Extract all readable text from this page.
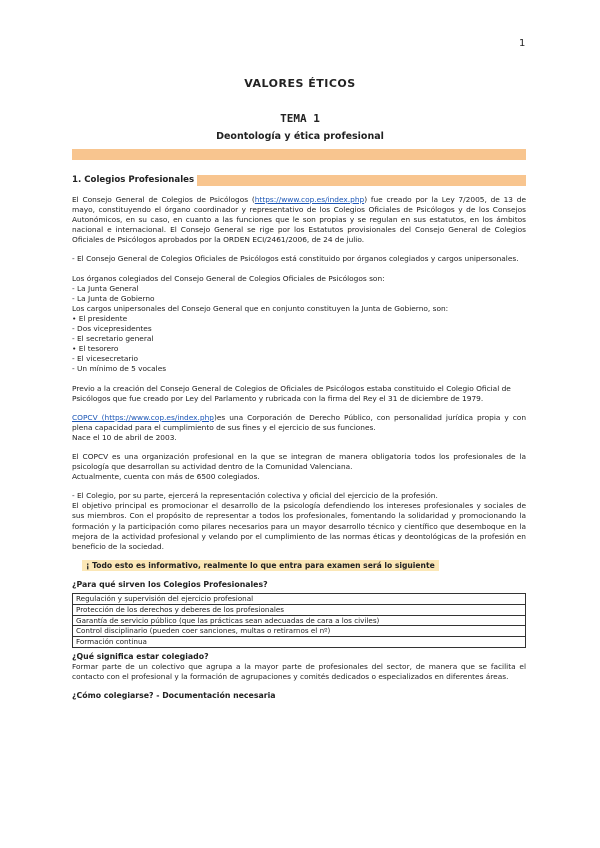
1
VALORES ÉTICOS
TEMA 1
Deontología y ética profesional
1. Colegios Profesionales

El Consejo General de Colegios de Psicólogos (https://www.cop.es/index.php) fue creado por la Ley 7/2005, de 13 de mayo, constituyendo el órgano coordinador y representativo de los Colegios Oficiales de Psicólogos y de los Consejos Autonómicos, en su caso, en cuanto a las funciones que le son propias y se regulan en sus estatutos, en los ámbitos nacional e internacional. El Consejo General se rige por los Estatutos provisionales del Consejo General de Colegios Oficiales de Psicólogos aprobados por la ORDEN ECI/2461/2006, de 24 de julio.

- El Consejo General de Colegios Oficiales de Psicólogos está constituido por órganos colegiados y cargos unipersonales.

Los órganos colegiados del Consejo General de Colegios Oficiales de Psicólogos son:
- La Junta General
- La Junta de Gobierno
Los cargos unipersonales del Consejo General que en conjunto constituyen la Junta de Gobierno, son:
• El presidente
- Dos vicepresidentes
- El secretario general
• El tesorero
- El vicesecretario
- Un mínimo de 5 vocales

Previo a la creación del Consejo General de Colegios de Oficiales de Psicólogos estaba constituido el Colegio Oficial de Psicólogos que fue creado por Ley del Parlamento y rubricada con la firma del Rey el 31 de diciembre de 1979.

COPCV (https://www.cop.es/index.php)es una Corporación de Derecho Público, con personalidad jurídica propia y con plena capacidad para el cumplimiento de sus fines y el ejercicio de sus funciones.
Nace el 10 de abril de 2003.

El COPCV es una organización profesional en la que se integran de manera obligatoria todos los profesionales de la psicología que desarrollan su actividad dentro de la Comunidad Valenciana.
Actualmente, cuenta con más de 6500 colegiados.

- El Colegio, por su parte, ejercerá la representación colectiva y oficial del ejercicio de la profesión.
El objetivo principal es promocionar el desarrollo de la psicología defendiendo los intereses profesionales y sociales de sus miembros. Con el propósito de representar a todos los profesionales, fomentando la solidaridad y promocionando la formación y la participación como pilares necesarios para un mayor desarrollo técnico y científico que desemboque en la mejora de la actividad profesional y velando por el cumplimiento de las normas éticas y deontológicas de la profesión en beneficio de la sociedad.

¡ Todo esto es informativo, realmente lo que entra para examen será lo siguiente
¿Para qué sirven los Colegios Profesionales?
Regulación y supervisión del ejercicio profesional
Protección de los derechos y deberes de los profesionales
Garantía de servicio público (que las prácticas sean adecuadas de cara a los civiles)
Control disciplinario (pueden coer sanciones, multas o retirarnos el nº)
Formación continua
¿Qué significa estar colegiado?

Formar parte de un colectivo que agrupa a la mayor parte de profesionales del sector, de manera que se facilita el contacto con el profesional y la formación de agrupaciones y comités dedicados o especializados en diferentes áreas.

¿Cómo colegiarse? - Documentación necesaria
